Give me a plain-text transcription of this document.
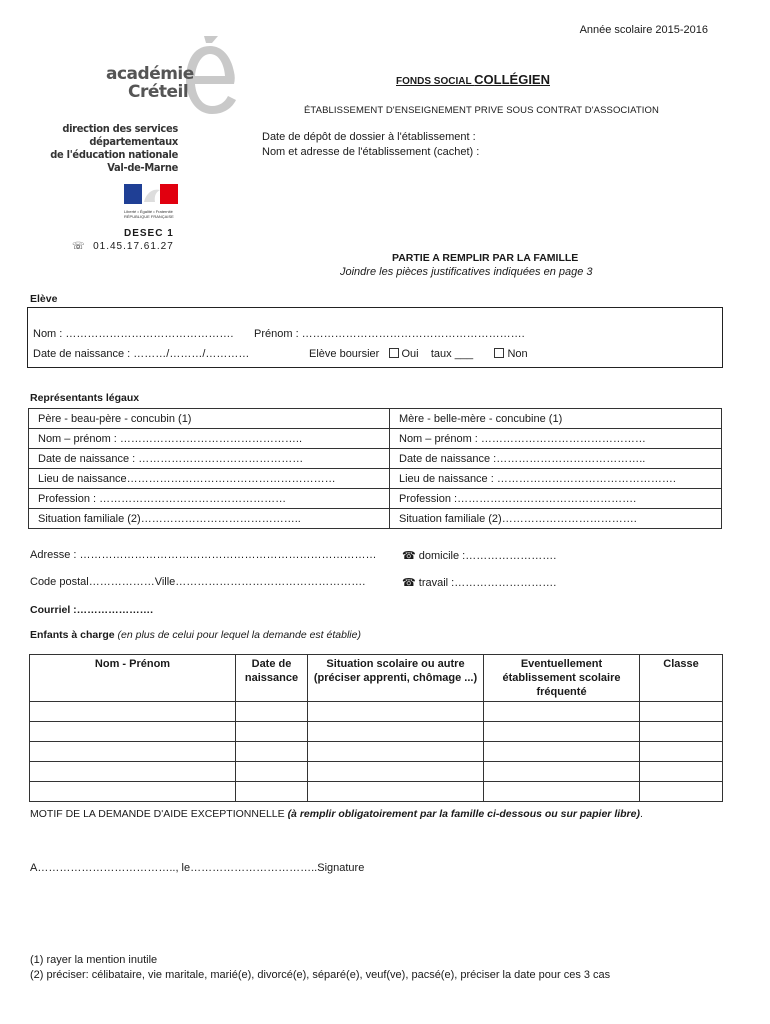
Année scolaire 2015-2016
académie
Créteil
direction des services
départementaux
de l'éducation nationale
Val-de-Marne
Liberté • Égalité • Fraternité
RÉPUBLIQUE FRANÇAISE
DESEC 1
☏ 01.45.17.61.27
FONDS SOCIAL COLLÉGIEN
ÉTABLISSEMENT D'ENSEIGNEMENT PRIVE SOUS CONTRAT D'ASSOCIATION
Date de dépôt de dossier à l'établissement :
Nom et adresse de l'établissement (cachet) :
PARTIE A REMPLIR PAR LA FAMILLE
Joindre les pièces justificatives indiquées en page 3
Elève
Nom : ………………………………………. Prénom : …………………………………………………….
Date de naissance : ………/………/…………	Elève boursier Oui taux ___	Non
Représentants légaux
Père - beau-père - concubin (1)	Mère - belle-mère - concubine (1)
Nom – prénom : …………………………………………..	Nom – prénom : ………………………………………
Date de naissance : ………………………………………	Date de naissance :…………………………………..
Lieu de naissance…………………………………………………	Lieu de naissance : ………………………………………….
Profession : ……………………………………………	Profession :………………………………………….
Situation familiale (2)……………………………………..	Situation familiale (2)……………………………….
Adresse : ……………………………………………………………………… ☎ domicile :…………………….
Code postal………………Ville…………………………………………….	☎ travail :……………………….
Courriel :………………….
Enfants à charge (en plus de celui pour lequel la demande est établie)
Nom - Prénom	Date de naissance	Situation scolaire ou autre (préciser apprenti, chômage ...)	Eventuellement établissement scolaire fréquenté	Classe

MOTIF DE LA DEMANDE D'AIDE EXCEPTIONNELLE (à remplir obligatoirement par la famille ci-dessous ou sur papier libre).
A……………………………….., le……………………………..Signature
(1) rayer la mention inutile
(2) préciser: célibataire, vie maritale, marié(e), divorcé(e), séparé(e), veuf(ve), pacsé(e), préciser la date pour ces 3 cas
